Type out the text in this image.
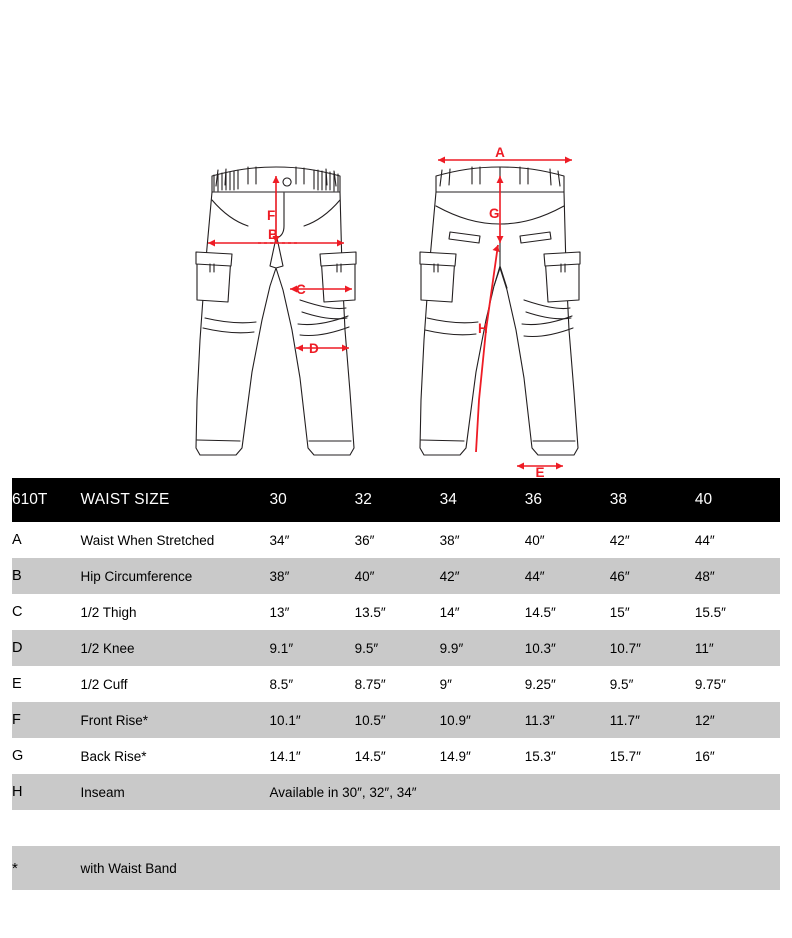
F
B
C
D
A
G
H
E
610T	WAIST SIZE	30	32	34	36	38	40
A	Waist When Stretched	34″	36″	38″	40″	42″	44″
B	Hip Circumference	38″	40″	42″	44″	46″	48″
C	1/2 Thigh	13″	13.5″	14″	14.5″	15″	15.5″
D	1/2 Knee	9.1″	9.5″	9.9″	10.3″	10.7″	11″
E	1/2 Cuff	8.5″	8.75″	9″	9.25″	9.5″	9.75″
F	Front Rise*	10.1″	10.5″	10.9″	11.3″	11.7″	12″
G	Back Rise*	14.1″	14.5″	14.9″	15.3″	15.7″	16″
H	Inseam	Available in 30″, 32″, 34″					

*	with Waist Band						
